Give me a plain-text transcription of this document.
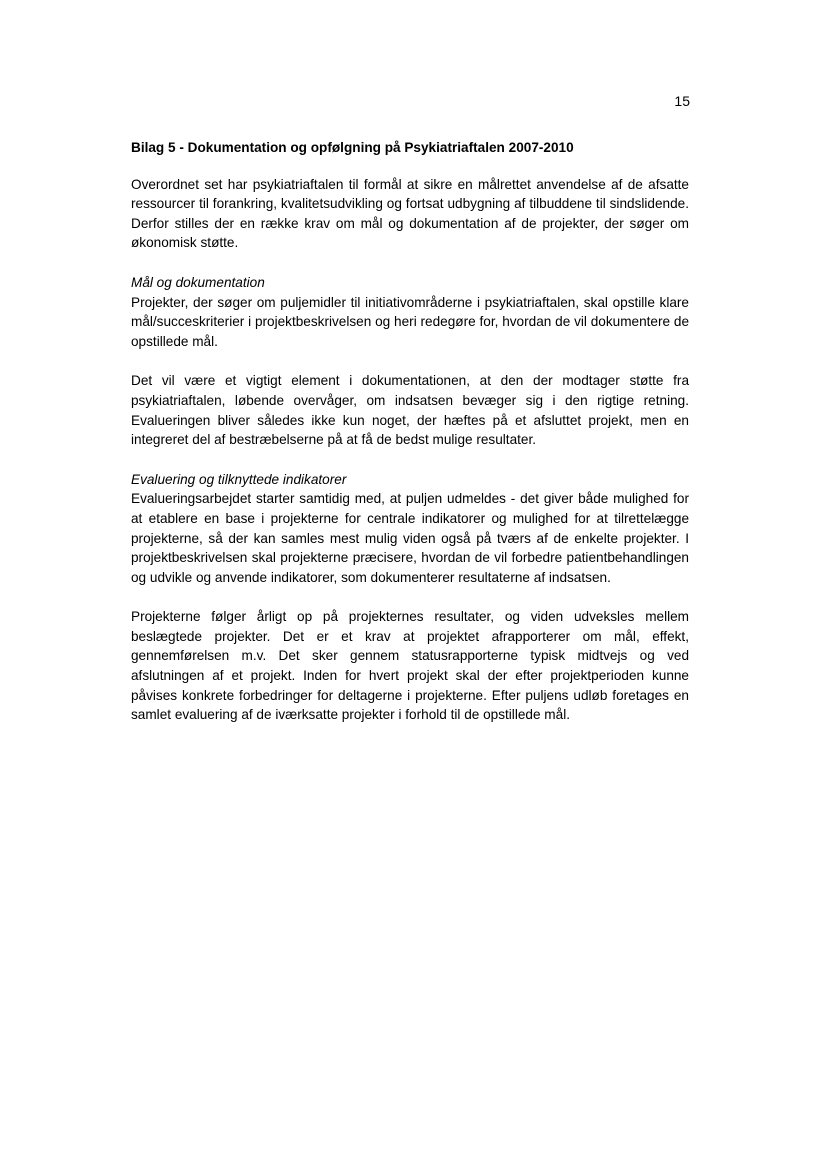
15
Bilag 5 - Dokumentation og opfølgning på Psykiatriaftalen 2007-2010

Overordnet set har psykiatriaftalen til formål at sikre en målrettet anvendelse af de afsatte ressourcer til forankring, kvalitetsudvikling og fortsat udbygning af tilbuddene til sindslidende. Derfor stilles der en række krav om mål og dokumentation af de projekter, der søger om økonomisk støtte.

Mål og dokumentation

Projekter, der søger om puljemidler til initiativområderne i psykiatriaftalen, skal opstille klare mål/succeskriterier i projektbeskrivelsen og heri redegøre for, hvordan de vil dokumentere de opstillede mål.

Det vil være et vigtigt element i dokumentationen, at den der modtager støtte fra psykiatriaftalen, løbende overvåger, om indsatsen bevæger sig i den rigtige retning. Evalueringen bliver således ikke kun noget, der hæftes på et afsluttet projekt, men en integreret del af bestræbelserne på at få de bedst mulige resultater.

Evaluering og tilknyttede indikatorer

Evalueringsarbejdet starter samtidig med, at puljen udmeldes - det giver både mulighed for at etablere en base i projekterne for centrale indikatorer og mulighed for at tilrettelægge projekterne, så der kan samles mest mulig viden også på tværs af de enkelte projekter. I projektbeskrivelsen skal projekterne præcisere, hvordan de vil forbedre patientbehandlingen og udvikle og anvende indikatorer, som dokumenterer resultaterne af indsatsen.

Projekterne følger årligt op på projekternes resultater, og viden udveksles mellem beslægtede projekter. Det er et krav at projektet afrapporterer om mål, effekt, gennemførelsen m.v. Det sker gennem statusrapporterne typisk midtvejs og ved afslutningen af et projekt. Inden for hvert projekt skal der efter projektperioden kunne påvises konkrete forbedringer for deltagerne i projekterne. Efter puljens udløb foretages en samlet evaluering af de iværksatte projekter i forhold til de opstillede mål.
